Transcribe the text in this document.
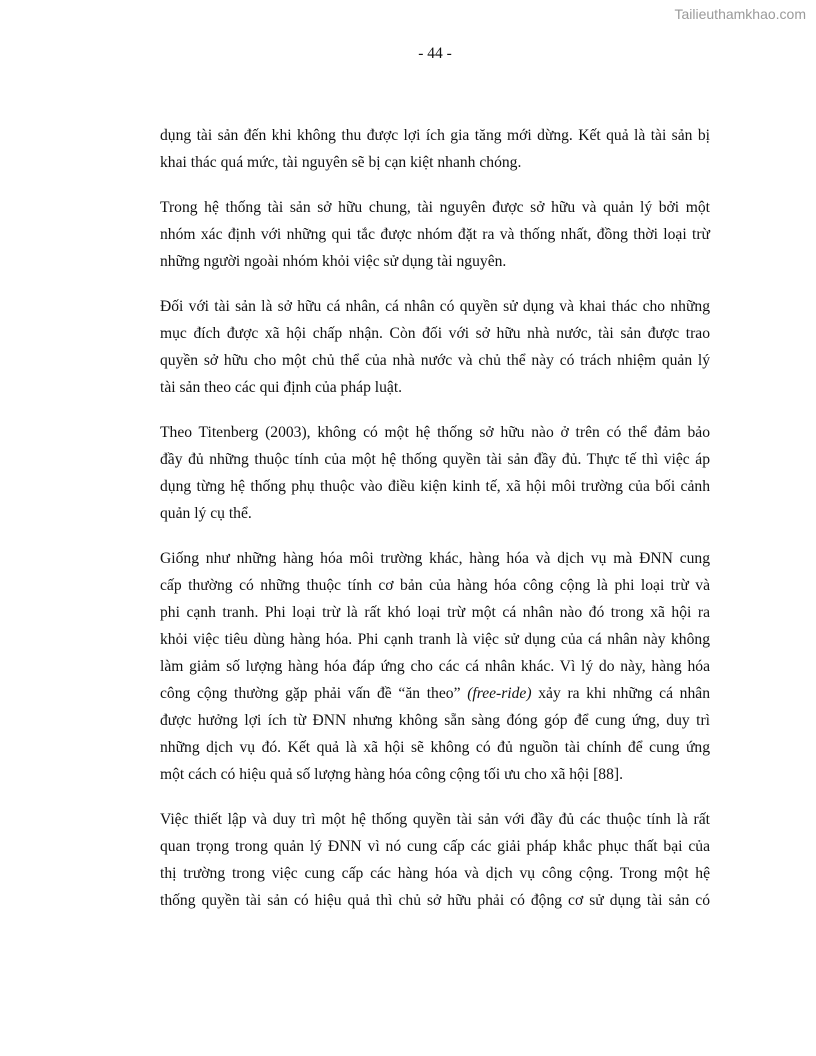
Tailieuthamkhao.com
- 44 -
dụng tài sản đến khi không thu được lợi ích gia tăng mới dừng. Kết quả là tài sản bị
khai thác quá mức, tài nguyên sẽ bị cạn kiệt nhanh chóng.
Trong hệ thống tài sản sở hữu chung, tài nguyên được sở hữu và quản lý bởi một
nhóm xác định với những qui tắc được nhóm đặt ra và thống nhất, đồng thời loại trừ
những người ngoài nhóm khỏi việc sử dụng tài nguyên.
Đối với tài sản là sở hữu cá nhân, cá nhân có quyền sử dụng và khai thác cho những
mục đích được xã hội chấp nhận. Còn đối với sở hữu nhà nước, tài sản được trao
quyền sở hữu cho một chủ thể của nhà nước và chủ thể này có trách nhiệm quản lý
tài sản theo các qui định của pháp luật.
Theo Titenberg (2003), không có một hệ thống sở hữu nào ở trên có thể đảm bảo
đầy đủ những thuộc tính của một hệ thống quyền tài sản đầy đủ. Thực tế thì việc áp
dụng từng hệ thống phụ thuộc vào điều kiện kinh tế, xã hội môi trường của bối cảnh
quản lý cụ thể.
Giống như những hàng hóa môi trường khác, hàng hóa và dịch vụ mà ĐNN cung
cấp thường có những thuộc tính cơ bản của hàng hóa công cộng là phi loại trừ và
phi cạnh tranh. Phi loại trừ là rất khó loại trừ một cá nhân nào đó trong xã hội ra
khỏi việc tiêu dùng hàng hóa. Phi cạnh tranh là việc sử dụng của cá nhân này không
làm giảm số lượng hàng hóa đáp ứng cho các cá nhân khác. Vì lý do này, hàng hóa
công cộng thường gặp phải vấn đề “ăn theo” (free-ride) xảy ra khi những cá nhân
được hưởng lợi ích từ ĐNN nhưng không sẵn sàng đóng góp để cung ứng, duy trì
những dịch vụ đó. Kết quả là xã hội sẽ không có đủ nguồn tài chính để cung ứng
một cách có hiệu quả số lượng hàng hóa công cộng tối ưu cho xã hội [88].
Việc thiết lập và duy trì một hệ thống quyền tài sản với đầy đủ các thuộc tính là rất
quan trọng trong quản lý ĐNN vì nó cung cấp các giải pháp khắc phục thất bại của
thị trường trong việc cung cấp các hàng hóa và dịch vụ công cộng. Trong một hệ
thống quyền tài sản có hiệu quả thì chủ sở hữu phải có động cơ sử dụng tài sản có
